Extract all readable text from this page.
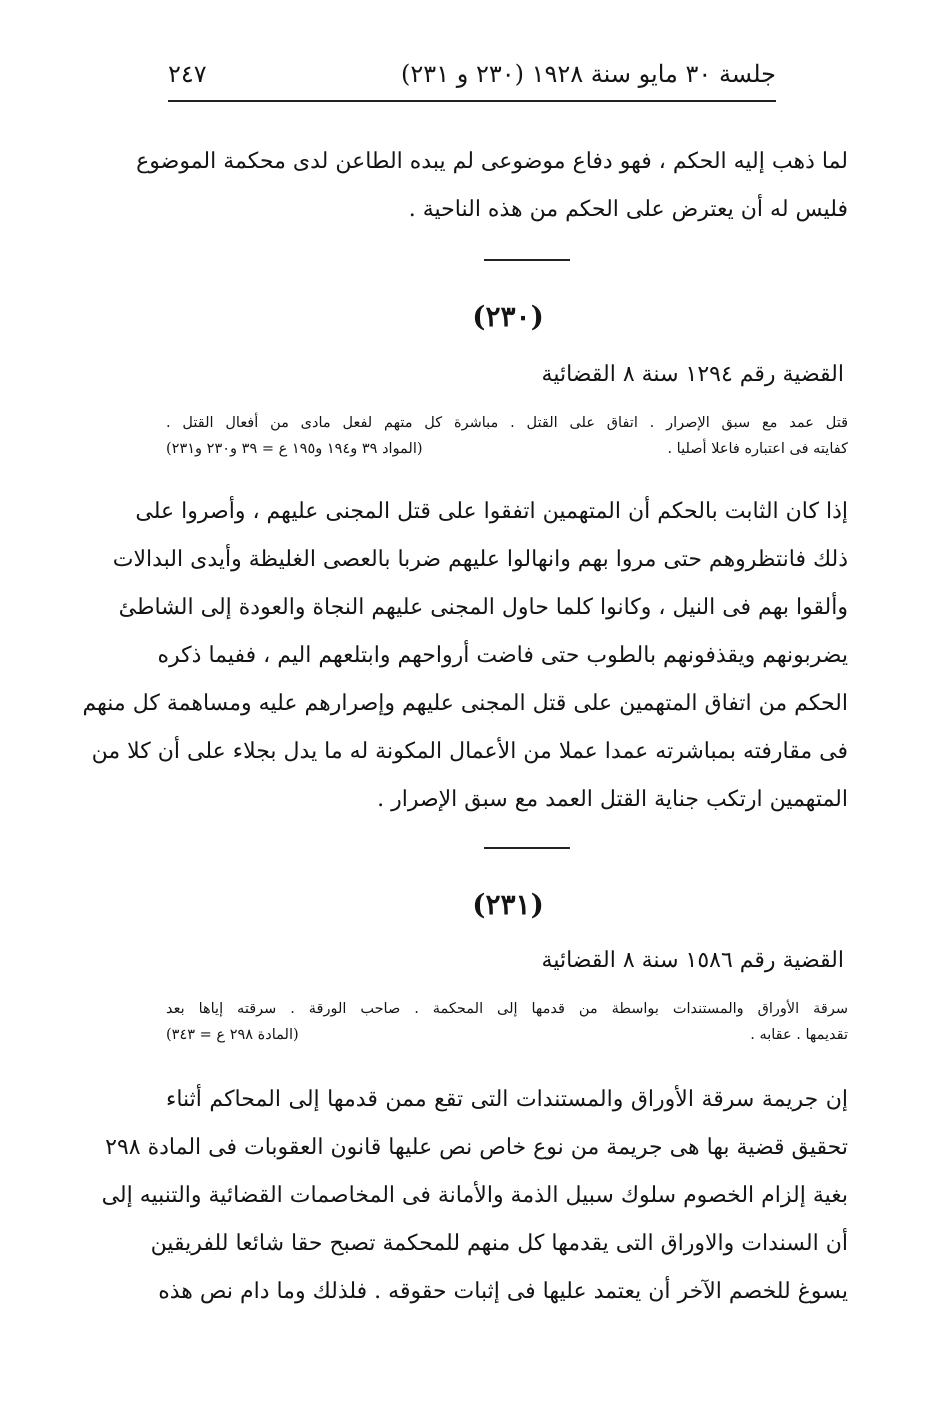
جلسة ٣٠ مايو سنة ١٩٢٨ (٢٣٠ و ٢٣١)
٢٤٧
لما ذهب إليه الحكم ، فهو دفاع موضوعى لم يبده الطاعن لدى محكمة الموضوع
فليس له أن يعترض على الحكم من هذه الناحية .
(٢٣٠)
القضية رقم ١٢٩٤ سنة ٨ القضائية
قتل عمد مع سبق الإصرار . اتفاق على القتل . مباشرة كل متهم لفعل مادى من أفعال القتل .
كفايته فى اعتباره فاعلا أصليا .
(المواد ٣٩ و١٩٤ و١٩٥ ع = ٣٩ و٢٣٠ و٢٣١)
إذا كان الثابت بالحكم أن المتهمين اتفقوا على قتل المجنى عليهم ، وأصروا على
ذلك فانتظروهم حتى مروا بهم وانهالوا عليهم ضربا بالعصى الغليظة وأيدى البدالات
وألقوا بهم فى النيل ، وكانوا كلما حاول المجنى عليهم النجاة والعودة إلى الشاطئ
يضربونهم ويقذفونهم بالطوب حتى فاضت أرواحهم وابتلعهم اليم ، ففيما ذكره
الحكم من اتفاق المتهمين على قتل المجنى عليهم وإصرارهم عليه ومساهمة كل منهم
فى مقارفته بمباشرته عمدا عملا من الأعمال المكونة له ما يدل بجلاء على أن كلا من
المتهمين ارتكب جناية القتل العمد مع سبق الإصرار .
(٢٣١)
القضية رقم ١٥٨٦ سنة ٨ القضائية
سرقة الأوراق والمستندات بواسطة من قدمها إلى المحكمة . صاحب الورقة . سرقته إياها بعد
تقديمها . عقابه .
(المادة ٢٩٨ ع = ٣٤٣)
إن جريمة سرقة الأوراق والمستندات التى تقع ممن قدمها إلى المحاكم أثناء
تحقيق قضية بها هى جريمة من نوع خاص نص عليها قانون العقوبات فى المادة ٢٩٨
بغية إلزام الخصوم سلوك سبيل الذمة والأمانة فى المخاصمات القضائية والتنبيه إلى
أن السندات والاوراق التى يقدمها كل منهم للمحكمة تصبح حقا شائعا للفريقين
يسوغ للخصم الآخر أن يعتمد عليها فى إثبات حقوقه . فلذلك وما دام نص هذه
